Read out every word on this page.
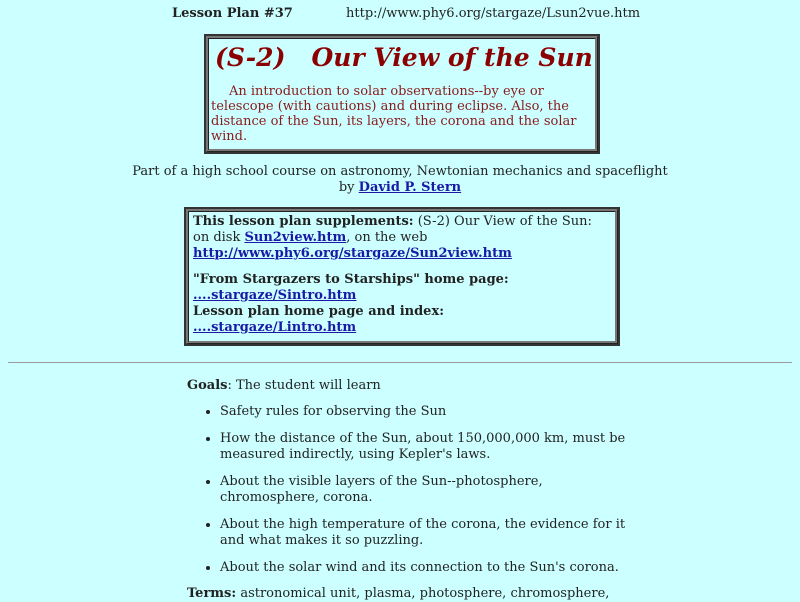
Lesson Plan #37	http://www.phy6.org/stargaze/Lsun2vue.htm
(S-2)   Our View of the Sun
An introduction to solar observations--by eye or telescope (with cautions) and during eclipse. Also, the distance of the Sun, its layers, the corona and the solar wind.
Part of a high school course on astronomy, Newtonian mechanics and spaceflight
by David P. Stern

This lesson plan supplements: (S-2) Our View of the Sun: on disk Sun2view.htm, on the web
http://www.phy6.org/stargaze/Sun2view.htm

"From Stargazers to Starships" home page:
....stargaze/Sintro.htm
Lesson plan home page and index:
....stargaze/Lintro.htm

Goals: The student will learn
• Safety rules for observing the Sun
• How the distance of the Sun, about 150,000,000 km, must be measured indirectly, using Kepler's laws.
• About the visible layers of the Sun--photosphere, chromosphere, corona.
• About the high temperature of the corona, the evidence for it and what makes it so puzzling.
• About the solar wind and its connection to the Sun's corona.
Terms: astronomical unit, plasma, photosphere, chromosphere,
